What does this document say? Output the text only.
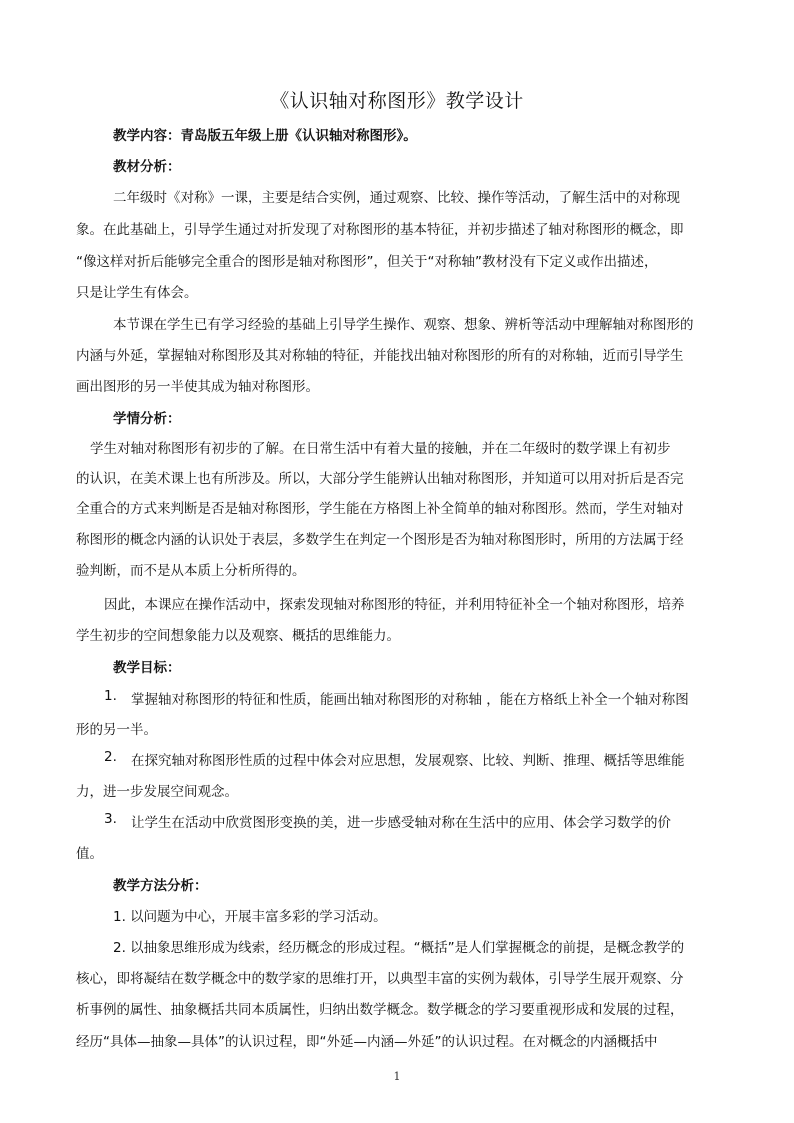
《认识轴对称图形》教学设计
教学内容：青岛版五年级上册《认识轴对称图形》。
教材分析：
二年级时《对称》一课，主要是结合实例，通过观察、比较、操作等活动，了解生活中的对称现
象。在此基础上，引导学生通过对折发现了对称图形的基本特征，并初步描述了轴对称图形的概念，即
“像这样对折后能够完全重合的图形是轴对称图形”，但关于“对称轴”教材没有下定义或作出描述，
只是让学生有体会。
本节课在学生已有学习经验的基础上引导学生操作、观察、想象、辨析等活动中理解轴对称图形的
内涵与外延，掌握轴对称图形及其对称轴的特征，并能找出轴对称图形的所有的对称轴，近而引导学生
画出图形的另一半使其成为轴对称图形。
学情分析：
学生对轴对称图形有初步的了解。在日常生活中有着大量的接触，并在二年级时的数学课上有初步
的认识，在美术课上也有所涉及。所以，大部分学生能辨认出轴对称图形，并知道可以用对折后是否完
全重合的方式来判断是否是轴对称图形，学生能在方格图上补全简单的轴对称图形。然而，学生对轴对
称图形的概念内涵的认识处于表层，多数学生在判定一个图形是否为轴对称图形时，所用的方法属于经
验判断，而不是从本质上分析所得的。
因此，本课应在操作活动中，探索发现轴对称图形的特征，并利用特征补全一个轴对称图形，培养
学生初步的空间想象能力以及观察、概括的思维能力。
教学目标：
1. 掌握轴对称图形的特征和性质，能画出轴对称图形的对称轴 ，能在方格纸上补全一个轴对称图
形的另一半。
2. 在探究轴对称图形性质的过程中体会对应思想，发展观察、比较、判断、推理、概括等思维能
力，进一步发展空间观念。
3. 让学生在活动中欣赏图形变换的美，进一步感受轴对称在生活中的应用、体会学习数学的价
值。
教学方法分析：
1. 以问题为中心，开展丰富多彩的学习活动。
2. 以抽象思维形成为线索，经历概念的形成过程。“概括”是人们掌握概念的前提，是概念教学的
核心，即将凝结在数学概念中的数学家的思维打开，以典型丰富的实例为载体，引导学生展开观察、分
析事例的属性、抽象概括共同本质属性，归纳出数学概念。数学概念的学习要重视形成和发展的过程，
经历“具体—抽象—具体”的认识过程，即“外延—内涵—外延”的认识过程。在对概念的内涵概括中
1
